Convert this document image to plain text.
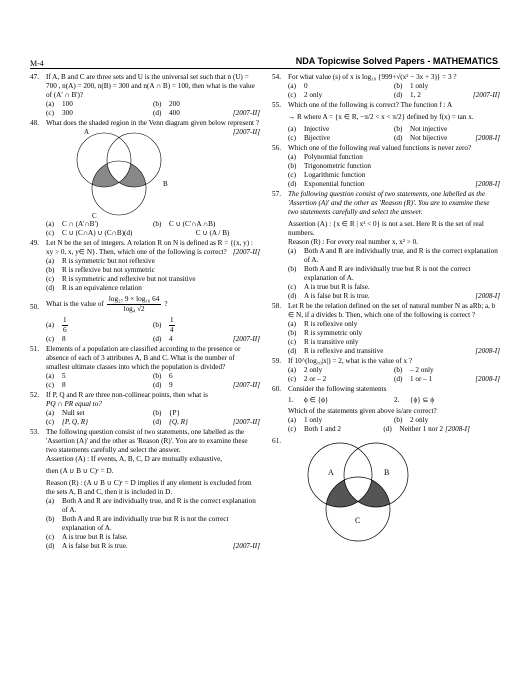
M-4	NDA Topicwise Solved Papers - MATHEMATICS
47. If A, B and C are three sets and U is the universal set such that n (U) = 700 , n(A) = 200, n(B) = 300 and n(A ∩ B) = 100, then what is the value of (A' ∩ B')?
(a)	100	(b)	200
(c)	300	(d)	400	[2007-II]
48. What does the shaded region in the Venn diagram given below represent ?
[2007-II]
A
B
C
(a)	C ∩ (A'∩B')	(b)	C ∪ (C'∩A ∩B)
(c)	C ∪ (C∩A) ∪ (C∩B)(d)	C ∪ (A / B)
49. Let N be the set of integers. A relation R on N is defined as R = {(x, y) : xy > 0, x, y∈ N}. Then, which one of the following is correct? [2007-II]
(a)	R is symmetric but not reflexive
(b)	R is reflexive but not symmetric
(c)	R is symmetric and reflexive but not transitive
(d)	R is an equivalence relation
50. What is the value of $\frac{\text{log₂₇ 9 × log₁₆ 64}}{\text{log₄ √2}}$ ?
(a)	$\frac{1}{6}$	(b)	$\frac{1}{4}$
(c)	8	(d)	4	[2007-II]
51. Elements of a population are classified according to the presence or absence of each of 3 attributes A, B and C. What is the number of smallest ultimate classes into which the population is divided?
(a)	5	(b)	6
(c)	8	(d)	9	[2007-II]
52. If P, Q and R are three non-collinear points, then what is
PQ ∩ PR equal to?
(a)	Null set	(b)	{P}
(c)	{P, Q, R}	(d)	{Q, R}	[2007-II]
53. The following question consist of two statements, one labelled as the 'Assertion (A)' and the other as 'Reason (R)'. You are to examine these two statements carefully and select the answer.
Assertion (A) : If events, A, B, C, D are mutually exhaustive,
then (A ∪ B ∪ C)ᶜ = D.
Reason (R) : (A ∪ B ∪ C)ᶜ = D implies if any element is excluded from the sets A, B and C, then it is included in D.
(a)	Both A and R are individually true, and R is the correct explanation of A.
(b)	Both A and R are individually true but R is not the correct explanation of A.
(c)	A is true but R is false.
(d)	A is false but R is true.	[2007-II]
54. For what value (s) of x is log₁₀ {999+√(x² − 3x + 3)} = 3 ?
(a)	0	(b)	1 only
(c)	2 only	(d)	1, 2	[2007-II]
55. Which one of the following is correct? The function f : A
→ R where A = {x ∈ R, −π/2 < x < π/2} defined by f(x) = tan x.
(a)	Injective	(b)	Not injective
(c)	Bijective	(d)	Not bijective	[2008-I]
56. Which one of the following real valued functions is never zero?
(a)	Polynomial function
(b)	Trigonometric function
(c)	Logarithmic function
(d)	Exponential function	[2008-I]
57. The following question consist of two statements, one labelled as the 'Assertion (A)' and the other as 'Reason (R)'. You are to examine these two statements carefully and select the answer.
Assertion (A) : {x ∈ R | x² < 0} is not a set. Here R is the set of real numbers.
Reason (R) : For every real number x, x² > 0.
(a)	Both A and R are individually true, and R is the correct explanation of A.
(b)	Both A and R are individually true but R is not the correct explanation of A.
(c)	A is true but R is false.
(d)	A is false but R is true.	[2008-I]
58. Let R be the relation defined on the set of natural number N as aRb; a, b ∈ N, if a divides b. Then, which one of the following is correct ?
(a)	R is reflexive only
(b)	R is symmetric only
(c)	R is transitive only
(d)	R is reflexive and transitive	[2008-I]
59. If 10^(log₁₀|x|) = 2, what is the value of x ?
(a)	2 only	(b)	– 2 only
(c)	2 or – 2	(d)	1 or – 1	[2008-I]
60. Consider the following statements
1.	ϕ ∈ {ϕ}	2.	{ϕ} ⊆ ϕ
Which of the statements given above is/are correct?
(a)	1 only	(b)	2 only
(c)	Both 1 and 2	(d)	Neither 1 nor 2 [2008-I]
61.
A	B
C
